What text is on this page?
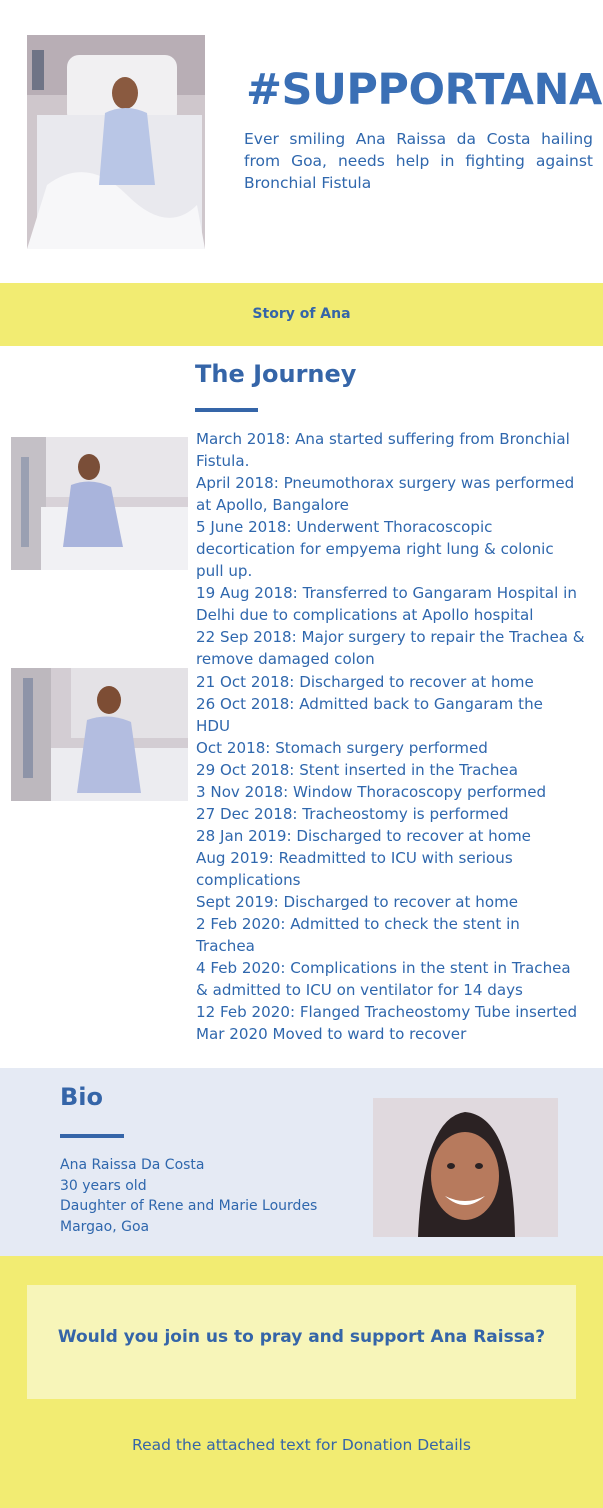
#SUPPORTANA
Ever smiling Ana Raissa da Costa hailing from Goa, needs help in fighting against Bronchial Fistula
Story of Ana
The Journey
March 2018: Ana started suffering from Bronchial
Fistula.
April 2018: Pneumothorax surgery was performed
at Apollo, Bangalore
5 June 2018: Underwent Thoracoscopic
decortication for empyema right lung & colonic
pull up.
19 Aug 2018: Transferred to Gangaram Hospital in
Delhi due to complications at Apollo hospital
22 Sep 2018: Major surgery to repair the Trachea &
remove damaged colon
21 Oct 2018: Discharged to recover at home
26 Oct 2018: Admitted back to Gangaram the
HDU
Oct 2018: Stomach surgery performed
29 Oct 2018: Stent inserted in the Trachea
3 Nov 2018: Window Thoracoscopy performed
27 Dec 2018: Tracheostomy is performed
28 Jan 2019: Discharged to recover at home
Aug 2019: Readmitted to ICU with serious
complications
Sept 2019: Discharged to recover at home
2 Feb 2020: Admitted to check the stent in
Trachea
4 Feb 2020: Complications in the stent in Trachea
& admitted to ICU on ventilator for 14 days
12 Feb 2020: Flanged Tracheostomy Tube inserted
Mar 2020 Moved to ward to recover
Bio
Ana Raissa Da Costa
30 years old
Daughter of Rene and Marie Lourdes
Margao, Goa
Would you join us to pray and support Ana Raissa?
Read the attached text for Donation Details
